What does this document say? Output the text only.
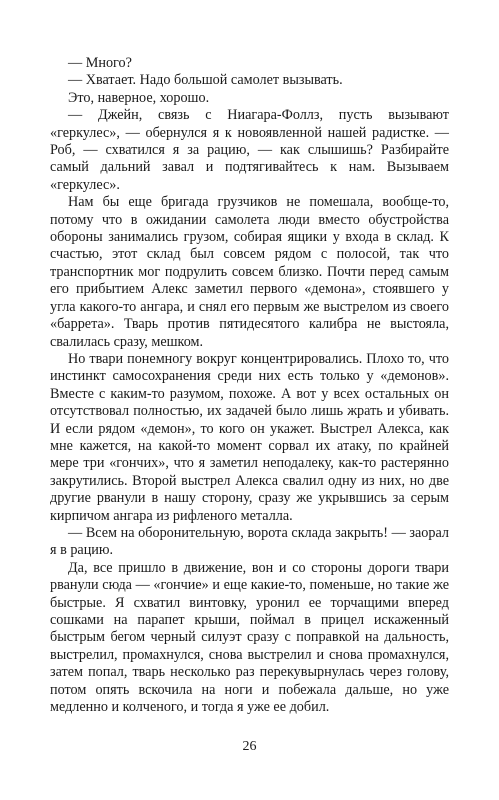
— Много?

— Хватает. Надо большой самолет вызывать.

Это, наверное, хорошо.

— Джейн, связь с Ниагара-Фоллз, пусть вызывают «геркулес», — обернулся я к новоявленной нашей радистке. — Роб, — схватился я за рацию, — как слышишь? Разбирайте самый дальний завал и подтягивайтесь к нам. Вызываем «геркулес».

Нам бы еще бригада грузчиков не помешала, вообще-то, потому что в ожидании самолета люди вместо обустройства обороны занимались грузом, собирая ящики у входа в склад. К счастью, этот склад был совсем рядом с полосой, так что транспортник мог подрулить совсем близко. Почти перед самым его прибытием Алекс заметил первого «демона», стоявшего у угла какого-то ангара, и снял его первым же выстрелом из своего «баррета». Тварь против пятидесятого калибра не выстояла, свалилась сразу, мешком.

Но твари понемногу вокруг концентрировались. Плохо то, что инстинкт самосохранения среди них есть только у «демонов». Вместе с каким-то разумом, похоже. А вот у всех остальных он отсутствовал полностью, их задачей было лишь жрать и убивать. И если рядом «демон», то кого он укажет. Выстрел Алекса, как мне кажется, на какой-то момент сорвал их атаку, по крайней мере три «гончих», что я заметил неподалеку, как-то растерянно закрутились. Второй выстрел Алекса свалил одну из них, но две другие рванули в нашу сторону, сразу же укрывшись за серым кирпичом ангара из рифленого металла.

— Всем на оборонительную, ворота склада закрыть! — заорал я в рацию.

Да, все пришло в движение, вон и со стороны дороги твари рванули сюда — «гончие» и еще какие-то, поменьше, но такие же быстрые. Я схватил винтовку, уронил ее торчащими вперед сошками на парапет крыши, поймал в прицел искаженный быстрым бегом черный силуэт сразу с поправкой на дальность, выстрелил, промахнулся, снова выстрелил и снова промахнулся, затем попал, тварь несколько раз перекувырнулась через голову, потом опять вскочила на ноги и побежала дальше, но уже медленно и колченого, и тогда я уже ее добил.

26
